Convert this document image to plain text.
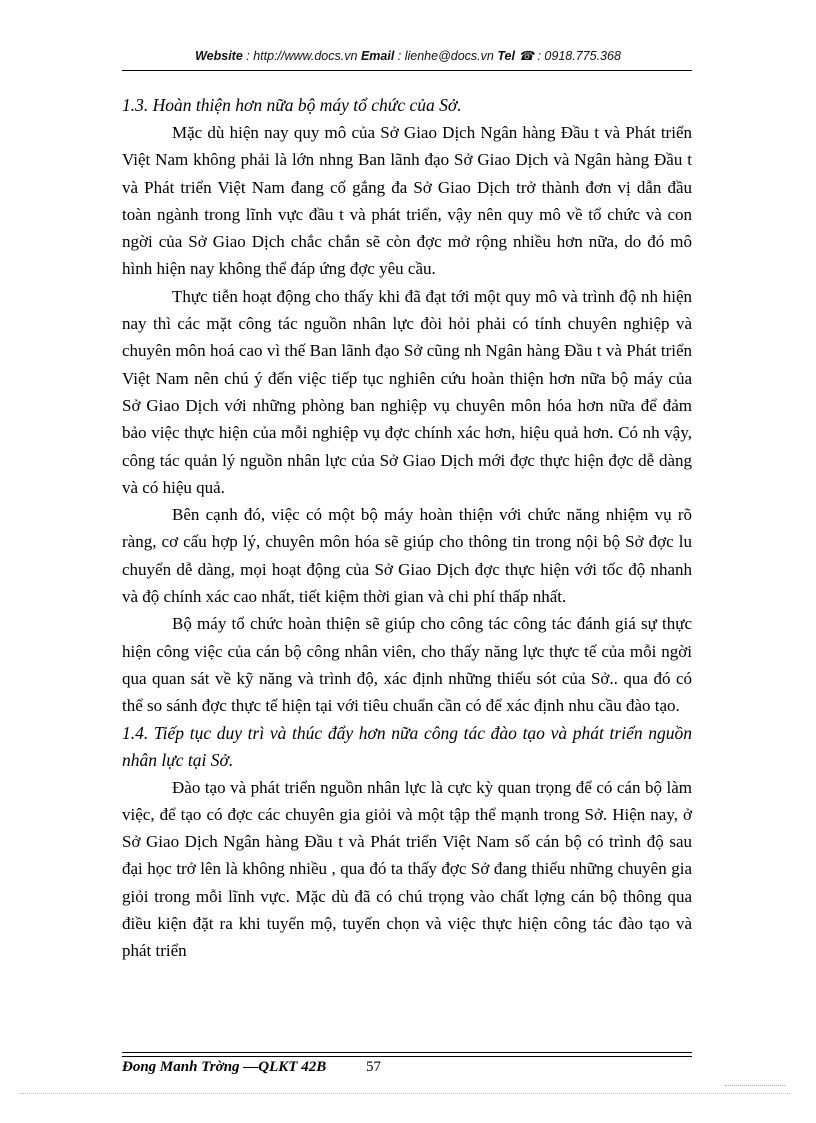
Website : http://www.docs.vn Email : lienhe@docs.vn Tel ☎ : 0918.775.368

1.3. Hoàn thiện hơn nữa bộ máy tổ chức của Sở.

Mặc dù hiện nay quy mô của Sở Giao Dịch Ngân hàng Đầu t và Phát triển Việt Nam không phải là lớn nhng Ban lãnh đạo Sở Giao Dịch và Ngân hàng Đầu t và Phát triển Việt Nam đang cố gắng đa Sở Giao Dịch trở thành đơn vị dẫn đầu toàn ngành trong lĩnh vực đầu t và phát triển, vậy nên quy mô về tổ chức và con ngời của Sở Giao Dịch chắc chắn sẽ còn đợc mở rộng nhiều hơn nữa, do đó mô hình hiện nay không thể đáp ứng đợc yêu cầu.

Thực tiễn hoạt động cho thấy khi đã đạt tới một quy mô và trình độ nh hiện nay thì các mặt công tác nguồn nhân lực đòi hỏi phải có tính chuyên nghiệp và chuyên môn hoá cao vì thế Ban lãnh đạo Sở cũng nh Ngân hàng Đầu t và Phát triển Việt Nam nên chú ý đến việc tiếp tục nghiên cứu hoàn thiện hơn nữa bộ máy của Sở Giao Dịch với những phòng ban nghiệp vụ chuyên môn hóa hơn nữa để đảm bảo việc thực hiện của mỗi nghiệp vụ đợc chính xác hơn, hiệu quả hơn. Có nh vậy, công tác quản lý nguồn nhân lực của Sở Giao Dịch mới đợc thực hiện đợc dễ dàng và có hiệu quả.

Bên cạnh đó, việc có một bộ máy hoàn thiện với chức năng nhiệm vụ rõ ràng, cơ cấu hợp lý, chuyên môn hóa sẽ giúp cho thông tin trong nội bộ Sở đợc lu chuyển dễ dàng, mọi hoạt động của Sở Giao Dịch đợc thực hiện với tốc độ nhanh và độ chính xác cao nhất, tiết kiệm thời gian và chi phí thấp nhất.

Bộ máy tổ chức hoàn thiện sẽ giúp cho công tác công tác đánh giá sự thực hiện công việc của cán bộ công nhân viên, cho thấy năng lực thực tế của mỗi ngời qua quan sát về kỹ năng và trình độ, xác định những thiếu sót của Sở.. qua đó có thể so sánh đợc thực tế hiện tại với tiêu chuẩn cần có để xác định nhu cầu đào tạo.

1.4. Tiếp tục duy trì và thúc đẩy hơn nữa công tác đào tạo và phát triển nguồn nhân lực tại Sở.

Đào tạo và phát triển nguồn nhân lực là cực kỳ quan trọng để có cán bộ làm việc, để tạo có đợc các chuyên gia giỏi và một tập thể mạnh trong Sở. Hiện nay, ở Sở Giao Dịch Ngân hàng Đầu t và Phát triển Việt Nam số cán bộ có trình độ sau đại học trở lên là không nhiều , qua đó ta thấy đợc Sở đang thiếu những chuyên gia giỏi trong mỗi lĩnh vực. Mặc dù đã có chú trọng vào chất lợng cán bộ thông qua điều kiện đặt ra khi tuyển mộ, tuyển chọn và việc thực hiện công tác đào tạo và phát triển

Đong Manh Trờng —QLKT 42B	57
